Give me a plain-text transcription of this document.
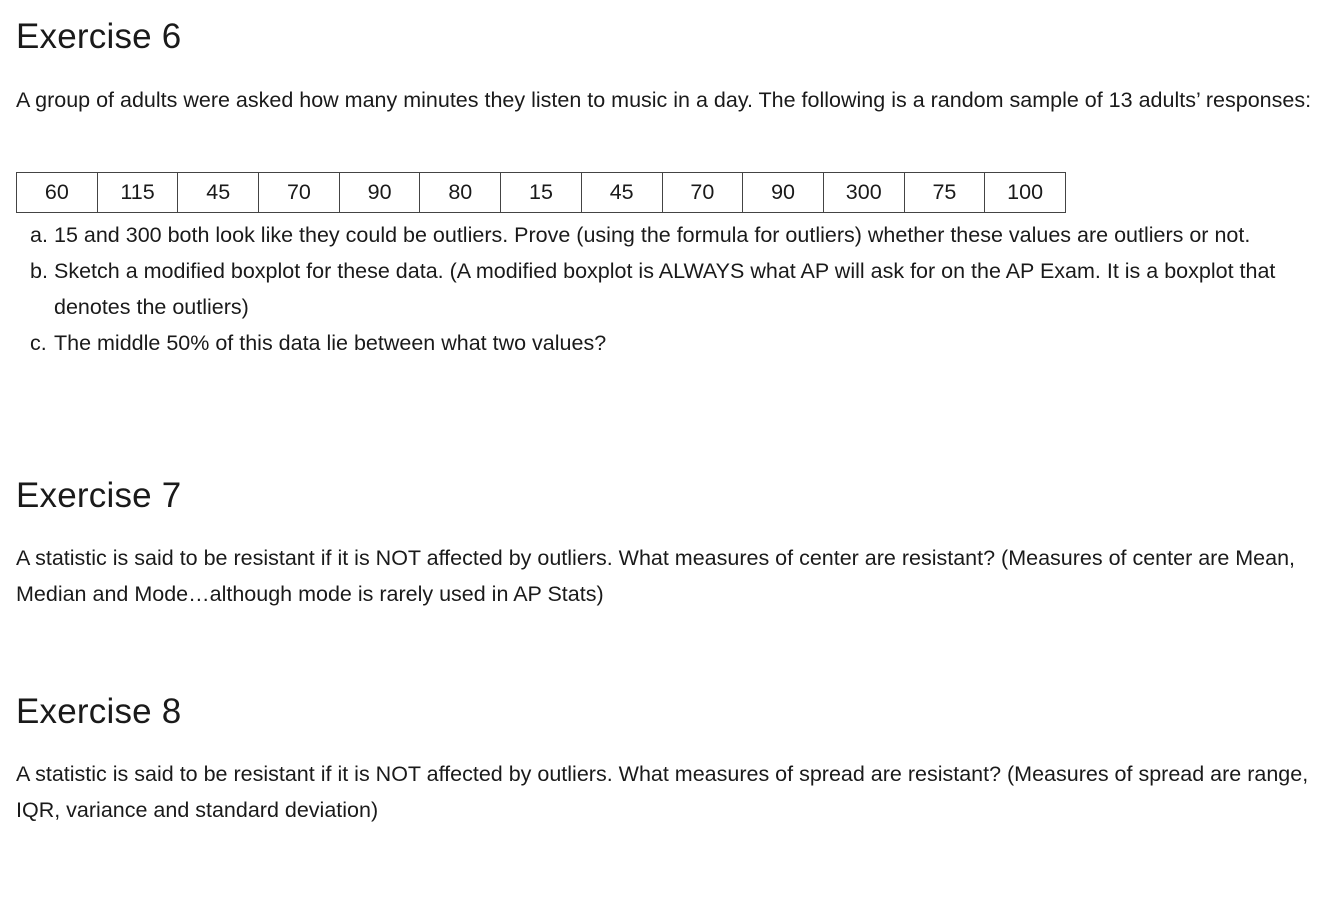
Exercise 6

A group of adults were asked how many minutes they listen to music in a day. The following is a random sample of 13 adults’ responses:

60	115	45	70	90	80	15	45	70	90	300	75	100
a. 15 and 300 both look like they could be outliers. Prove (using the formula for outliers) whether these values are outliers or not.
b. Sketch a modified boxplot for these data. (A modified boxplot is ALWAYS what AP will ask for on the AP Exam. It is a boxplot that denotes the outliers)
c. The middle 50% of this data lie between what two values?
Exercise 7

A statistic is said to be resistant if it is NOT affected by outliers. What measures of center are resistant? (Measures of center are Mean, Median and Mode…although mode is rarely used in AP Stats)

Exercise 8

A statistic is said to be resistant if it is NOT affected by outliers. What measures of spread are resistant? (Measures of spread are range, IQR, variance and standard deviation)
